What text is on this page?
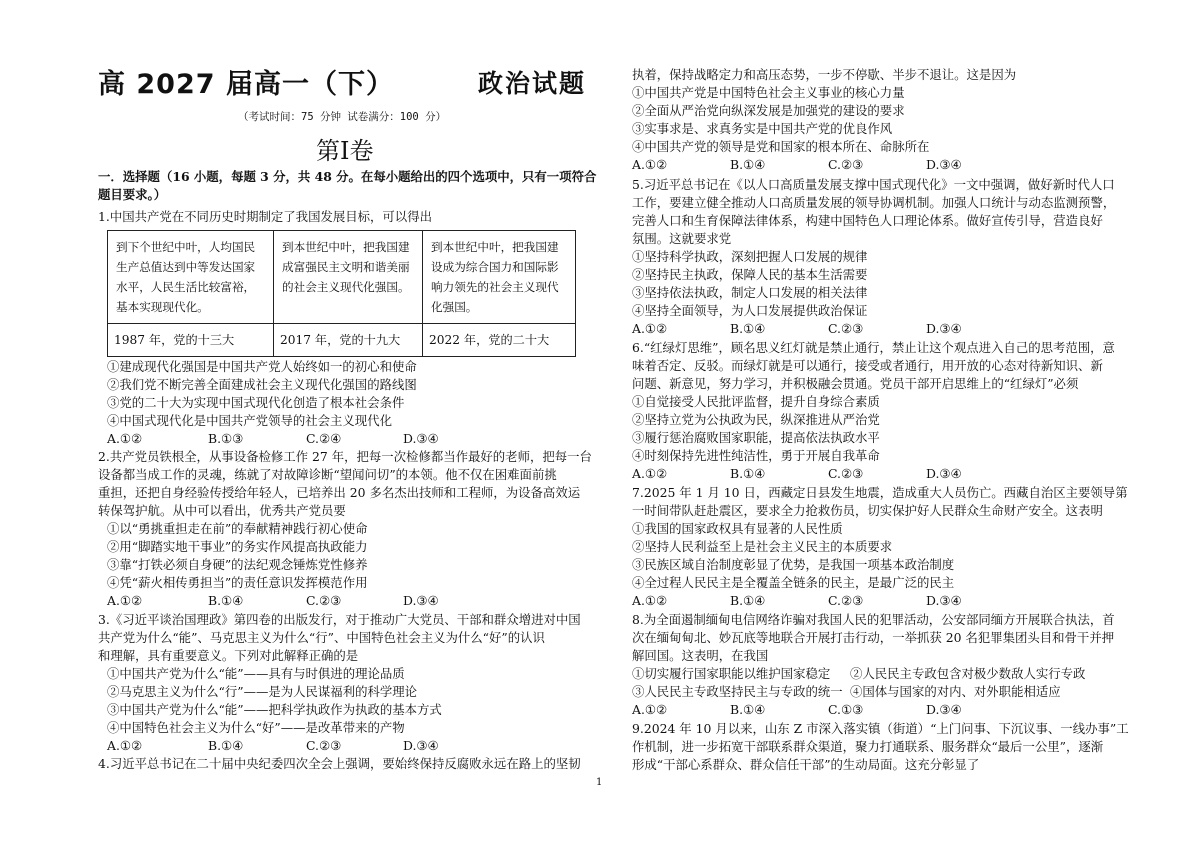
高 2027 届高一（下）	政治试题
（考试时间：75 分钟 试卷满分：100 分）
第Ⅰ卷
一．选择题（16 小题，每题 3 分，共 48 分。在每小题给出的四个选项中，只有一项符合
题目要求。）
1.中国共产党在不同历史时期制定了我国发展目标，可以得出
到下个世纪中叶，人均国民生产总值达到中等发达国家水平，人民生活比较富裕，基本实现现代化。	到本世纪中叶，把我国建成富强民主文明和谐美丽的社会主义现代化强国。	到本世纪中叶，把我国建设成为综合国力和国际影响力领先的社会主义现代化强国。
1987 年，党的十三大	2017 年，党的十九大	2022 年，党的二十大
①建成现代化强国是中国共产党人始终如一的初心和使命
②我们党不断完善全面建成社会主义现代化强国的路线图
③党的二十大为实现中国式现代化创造了根本社会条件
④中国式现代化是中国共产党领导的社会主义现代化
A.①②	B.①③	C.②④	D.③④
2.共产党员铁根全，从事设备检修工作 27 年，把每一次检修都当作最好的老师，把每一台
设备都当成工作的灵魂，练就了对故障诊断“望闻问切”的本领。他不仅在困难面前挑
重担，还把自身经验传授给年轻人，已培养出 20 多名杰出技师和工程师，为设备高效运
转保驾护航。从中可以看出，优秀共产党员要
①以“勇挑重担走在前”的奉献精神践行初心使命
②用“脚踏实地干事业”的务实作风提高执政能力
③靠“打铁必须自身硬”的法纪观念锤炼党性修养
④凭“薪火相传勇担当”的责任意识发挥模范作用
A.①②	B.①④	C.②③	D.③④
3.《习近平谈治国理政》第四卷的出版发行，对于推动广大党员、干部和群众增进对中国
共产党为什么“能”、马克思主义为什么“行”、中国特色社会主义为什么“好”的认识
和理解，具有重要意义。下列对此解释正确的是
①中国共产党为什么“能”——具有与时俱进的理论品质
②马克思主义为什么“行”——是为人民谋福利的科学理论
③中国共产党为什么“能”——把科学执政作为执政的基本方式
④中国特色社会主义为什么“好”——是改革带来的产物
A.①②	B.①④	C.②③	D.③④
4.习近平总书记在二十届中央纪委四次全会上强调，要始终保持反腐败永远在路上的坚韧
执着，保持战略定力和高压态势，一步不停歇、半步不退让。这是因为
①中国共产党是中国特色社会主义事业的核心力量
②全面从严治党向纵深发展是加强党的建设的要求
③实事求是、求真务实是中国共产党的优良作风
④中国共产党的领导是党和国家的根本所在、命脉所在
A.①②	B.①④	C.②③	D.③④
5.习近平总书记在《以人口高质量发展支撑中国式现代化》一文中强调，做好新时代人口
工作，要建立健全推动人口高质量发展的领导协调机制。加强人口统计与动态监测预警，
完善人口和生育保障法律体系，构建中国特色人口理论体系。做好宣传引导，营造良好
氛围。这就要求党
①坚持科学执政，深刻把握人口发展的规律
②坚持民主执政，保障人民的基本生活需要
③坚持依法执政，制定人口发展的相关法律
④坚持全面领导，为人口发展提供政治保证
A.①②	B.①④	C.②③	D.③④
6.“红绿灯思维”，顾名思义红灯就是禁止通行，禁止让这个观点进入自己的思考范围，意
味着否定、反驳。而绿灯就是可以通行，接受或者通行，用开放的心态对待新知识、新
问题、新意见，努力学习，并积极融会贯通。党员干部开启思维上的“红绿灯”必须
①自觉接受人民批评监督，提升自身综合素质
②坚持立党为公执政为民，纵深推进从严治党
③履行惩治腐败国家职能，提高依法执政水平
④时刻保持先进性纯洁性，勇于开展自我革命
A.①②	B.①④	C.②③	D.③④
7.2025 年 1 月 10 日，西藏定日县发生地震，造成重大人员伤亡。西藏自治区主要领导第
一时间带队赶赴震区，要求全力抢救伤员，切实保护好人民群众生命财产安全。这表明
①我国的国家政权具有显著的人民性质
②坚持人民利益至上是社会主义民主的本质要求
③民族区域自治制度彰显了优势，是我国一项基本政治制度
④全过程人民民主是全覆盖全链条的民主，是最广泛的民主
A.①②	B.①④	C.②③	D.③④
8.为全面遏制缅甸电信网络诈骗对我国人民的犯罪活动，公安部同缅方开展联合执法，首
次在缅甸甸北、妙瓦底等地联合开展打击行动，一举抓获 20 名犯罪集团头目和骨干并押
解回国。这表明，在我国
①切实履行国家职能以维护国家稳定 ②人民民主专政包含对极少数敌人实行专政
③人民民主专政坚持民主与专政的统一 ④国体与国家的对内、对外职能相适应
A.①②	B.①④	C.①③	D.③④
9.2024 年 10 月以来，山东 Z 市深入落实镇（街道）“上门问事、下沉议事、一线办事”工
作机制，进一步拓宽干部联系群众渠道，聚力打通联系、服务群众“最后一公里”，逐渐
形成“干部心系群众、群众信任干部”的生动局面。这充分彰显了
1
